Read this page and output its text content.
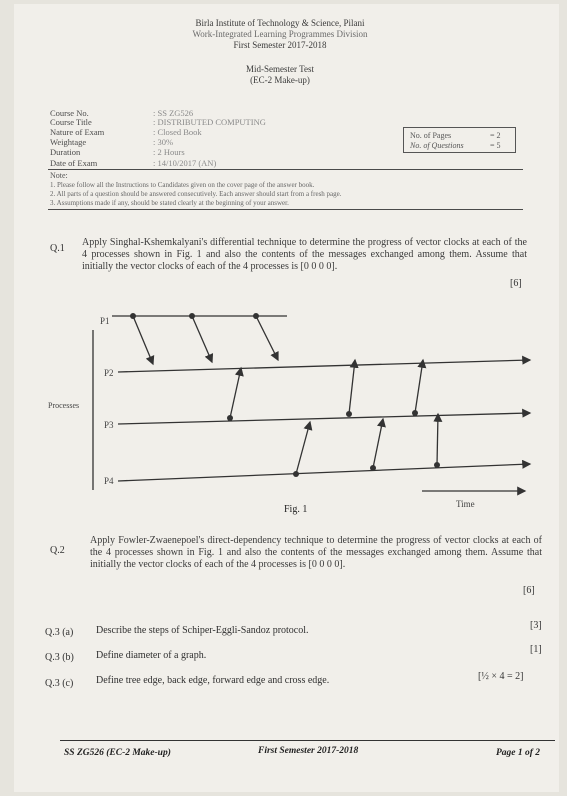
Birla Institute of Technology & Science, Pilani
Work-Integrated Learning Programmes Division
First Semester 2017-2018
Mid-Semester Test
(EC-2 Make-up)
Course No.	: SS ZG526
Course Title	: DISTRIBUTED COMPUTING
Nature of Exam	: Closed Book
Weightage	: 30%
Duration	: 2 Hours
Date of Exam	: 14/10/2017 (AN)
No. of Pages	= 2
No. of Questions	= 5
Note:
1. Please follow all the Instructions to Candidates given on the cover page of the answer book.
2. All parts of a question should be answered consecutively. Each answer should start from a fresh page.
3. Assumptions made if any, should be stated clearly at the beginning of your answer.
Q.1
Apply Singhal-Kshemkalyani's differential technique to determine the progress of vector clocks at each of the 4 processes shown in Fig. 1 and also the contents of the messages exchanged among them. Assume that initially the vector clocks of each of the 4 processes is [0 0 0 0].
[6]
P1
P2
P3
P4
Processes
Time
Fig. 1
Q.2
Apply Fowler-Zwaenepoel's direct-dependency technique to determine the progress of vector clocks at each of the 4 processes shown in Fig. 1 and also the contents of the messages exchanged among them. Assume that initially the vector clocks of each of the 4 processes is [0 0 0 0].
[6]
Q.3 (a) Describe the steps of Schiper-Eggli-Sandoz protocol.	[3]
Q.3 (b) Define diameter of a graph.
[1]
Q.3 (c) Define tree edge, back edge, forward edge and cross edge.	[½ × 4 = 2]
SS ZG526 (EC-2 Make-up)	First Semester 2017-2018	Page 1 of 2
